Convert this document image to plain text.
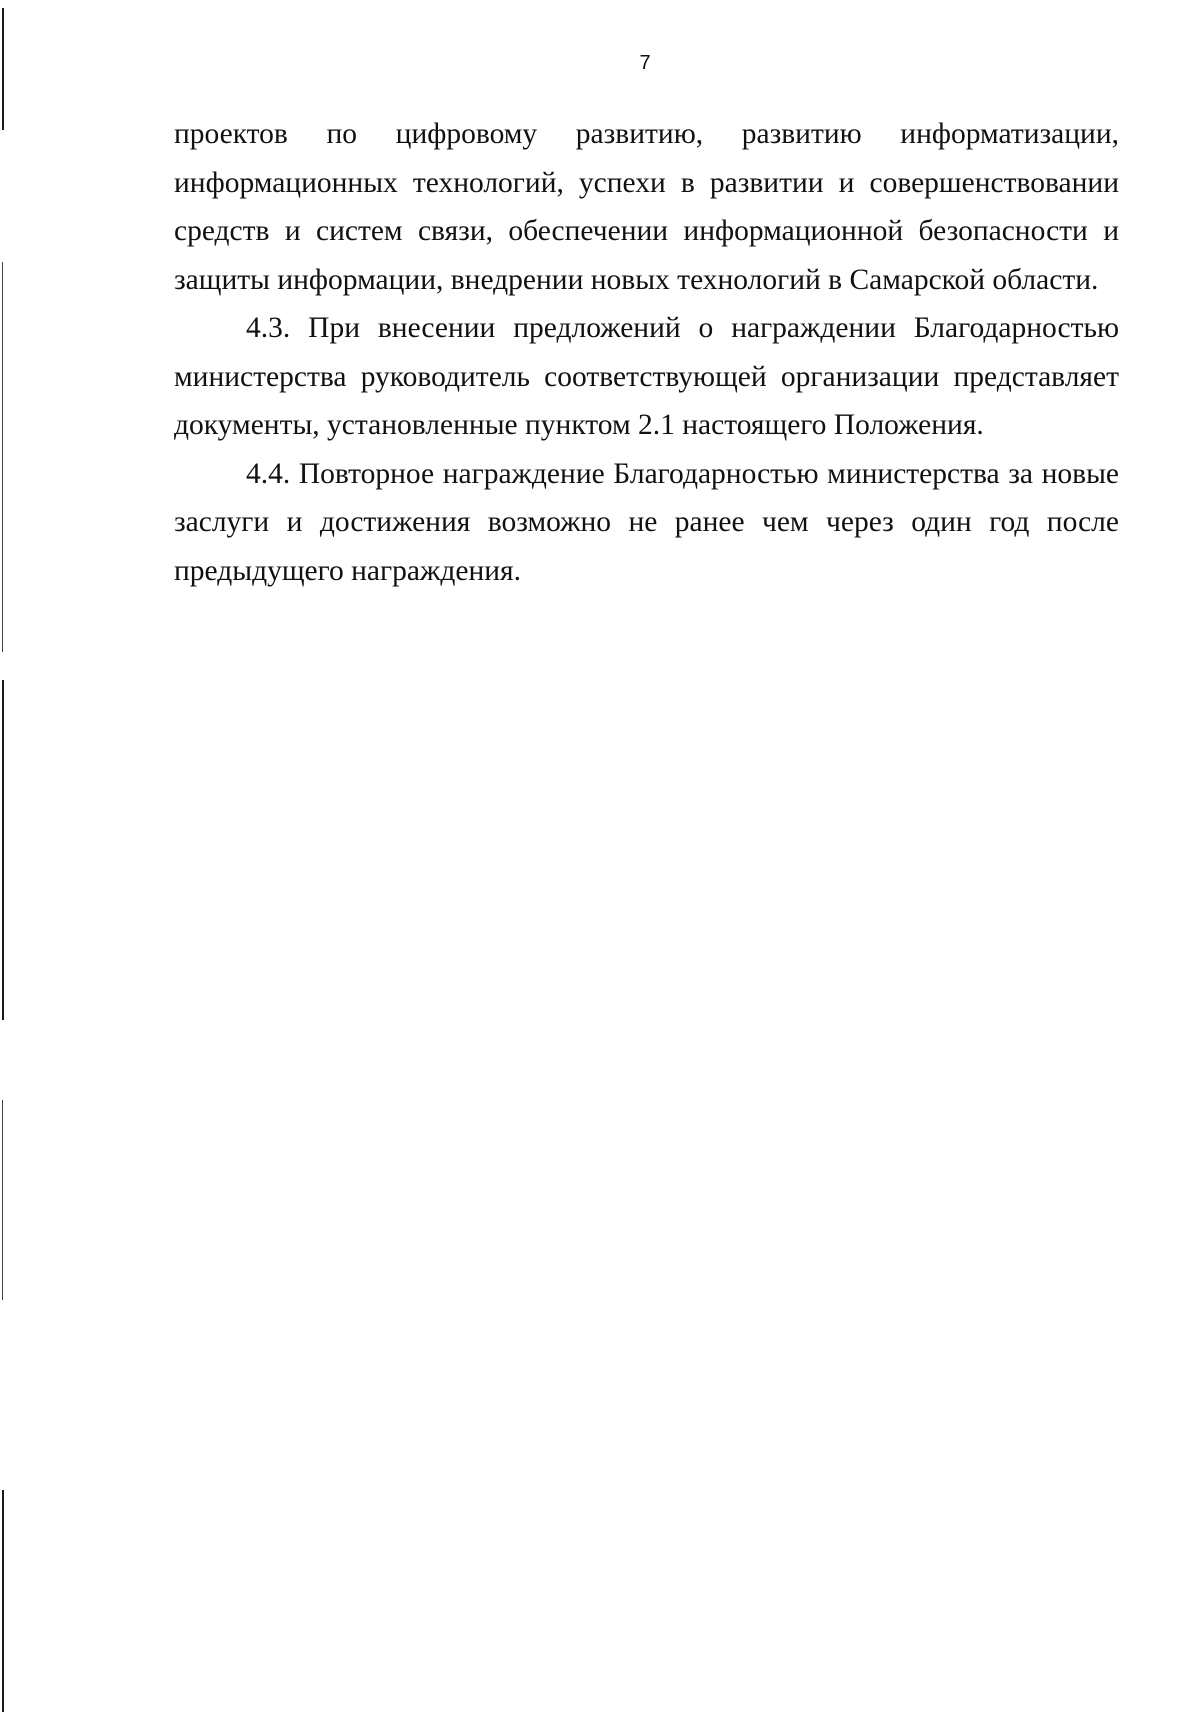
7

проектов по цифровому развитию, развитию информатизации, информационных технологий, успехи в развитии и совершенствовании средств и систем связи, обеспечении информационной безопасности и защиты информации, внедрении новых технологий в Самарской области.

4.3. При внесении предложений о награждении Благодарностью министерства руководитель соответствующей организации представляет документы, установленные пунктом 2.1 настоящего Положения.

4.4. Повторное награждение Благодарностью министерства за новые заслуги и достижения возможно не ранее чем через один год после предыдущего награждения.
